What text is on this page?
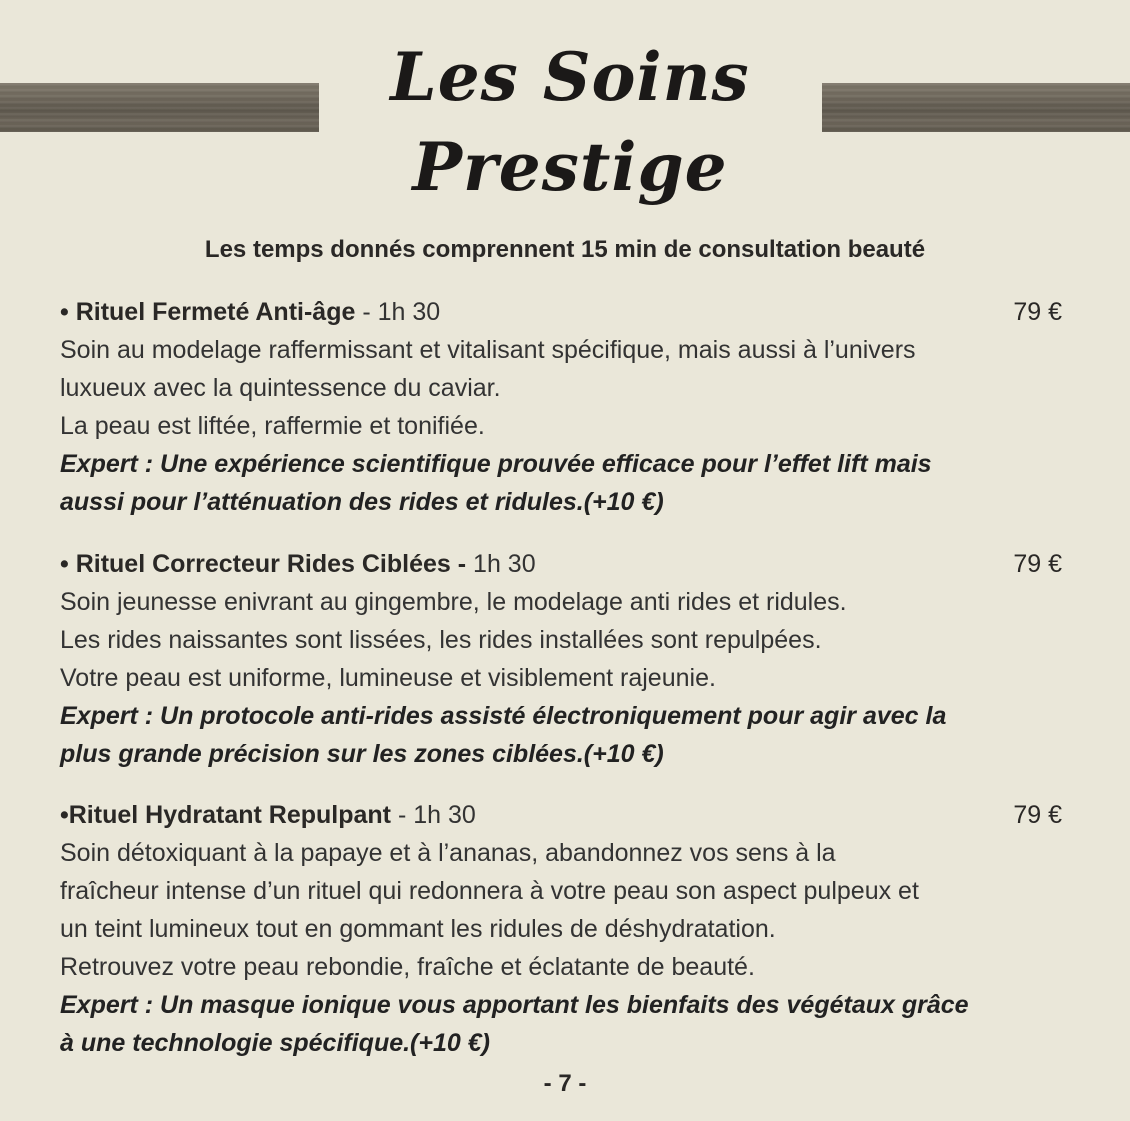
Les Soins
Prestige
Les temps donnés comprennent 15 min de consultation beauté
• Rituel Fermeté Anti-âge - 1h 30	79 €
Soin au modelage raffermissant et vitalisant spécifique, mais aussi à l’univers
luxueux avec la quintessence du caviar.
La peau est liftée, raffermie et tonifiée.
Expert : Une expérience scientifique prouvée efficace pour l’effet lift mais
aussi pour l’atténuation des rides et ridules.(+10 €)
• Rituel Correcteur Rides Ciblées - 1h 30	79 €
Soin jeunesse enivrant au gingembre, le modelage anti rides et ridules.
Les rides naissantes sont lissées, les rides installées sont repulpées.
Votre peau est uniforme, lumineuse et visiblement rajeunie.
Expert : Un protocole anti-rides assisté électroniquement pour agir avec la
plus grande précision sur les zones ciblées.(+10 €)
•Rituel Hydratant Repulpant - 1h 30	79 €
Soin détoxiquant à la papaye et à l’ananas, abandonnez vos sens à la
fraîcheur intense d’un rituel qui redonnera à votre peau son aspect pulpeux et
un teint lumineux tout en gommant les ridules de déshydratation.
Retrouvez votre peau rebondie, fraîche et éclatante de beauté.
Expert : Un masque ionique vous apportant les bienfaits des végétaux grâce
à une technologie spécifique.(+10 €)
- 7 -
